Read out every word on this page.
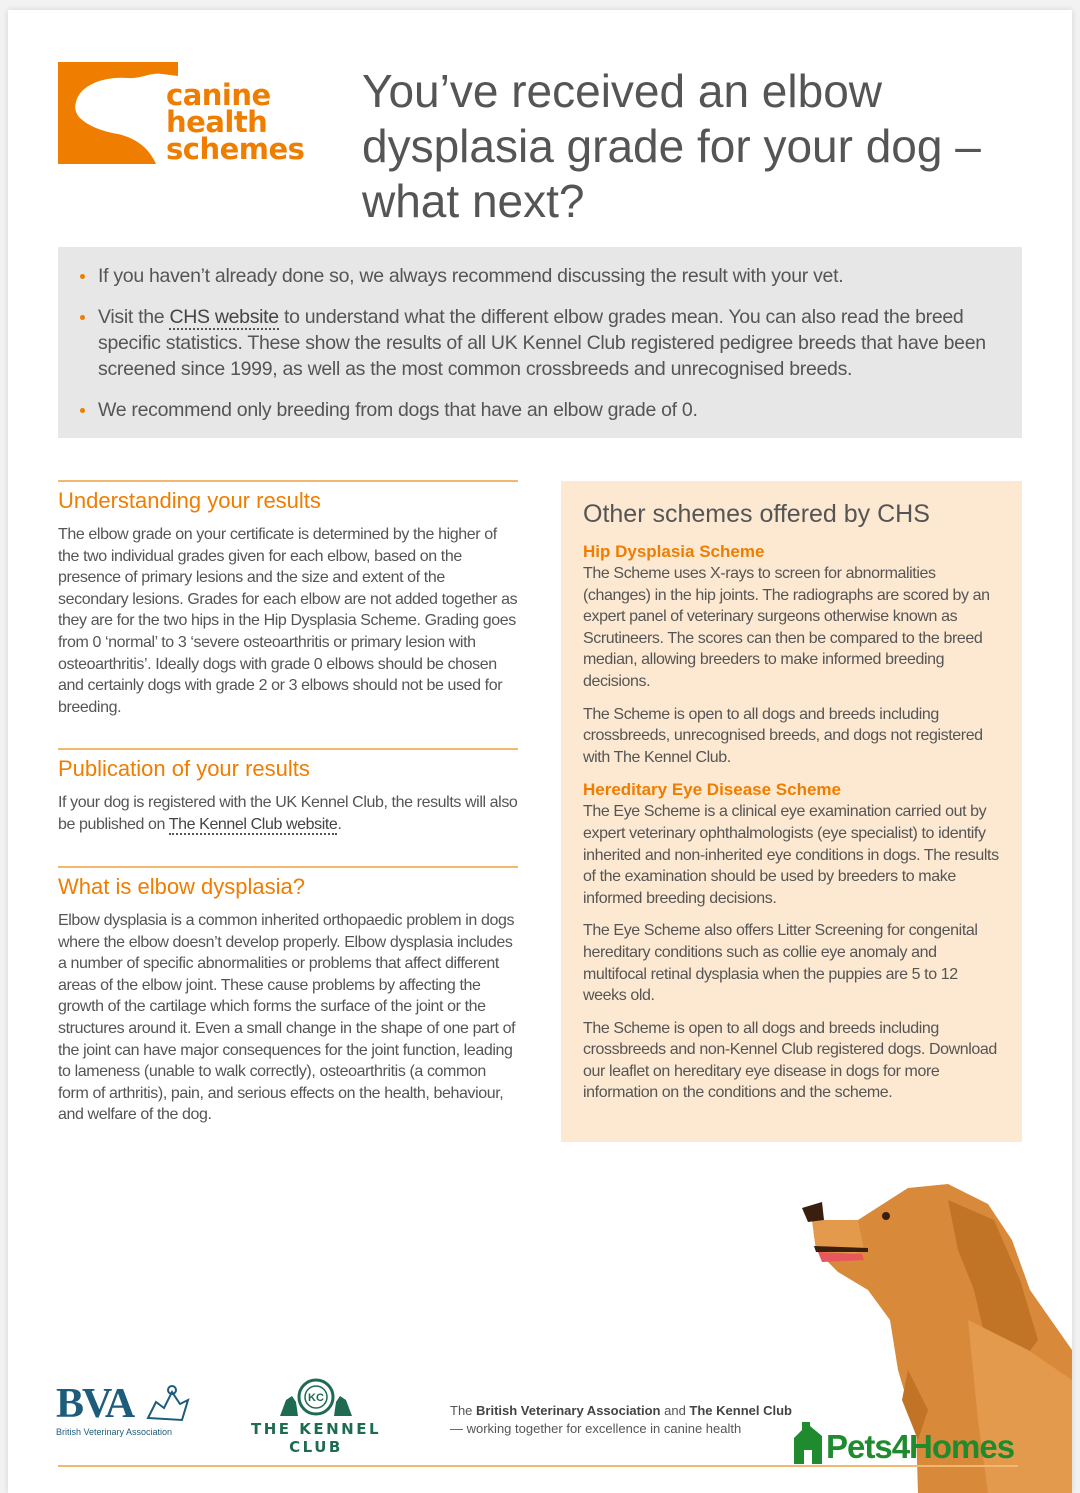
canine
health
schemes
You’ve received an elbow dysplasia grade for your dog – what next?
If you haven’t already done so, we always recommend discussing the result with your vet.
Visit the CHS website to understand what the different elbow grades mean. You can also read the breed specific statistics. These show the results of all UK Kennel Club registered pedigree breeds that have been screened since 1999, as well as the most common crossbreeds and unrecognised breeds.
We recommend only breeding from dogs that have an elbow grade of 0.
Understanding your results

The elbow grade on your certificate is determined by the higher of the two individual grades given for each elbow, based on the presence of primary lesions and the size and extent of the secondary lesions. Grades for each elbow are not added together as they are for the two hips in the Hip Dysplasia Scheme. Grading goes from 0 ‘normal’ to 3 ‘severe osteoarthritis or primary lesion with osteoarthritis’. Ideally dogs with grade 0 elbows should be chosen and certainly dogs with grade 2 or 3 elbows should not be used for breeding.

Publication of your results

If your dog is registered with the UK Kennel Club, the results will also be published on The Kennel Club website.

What is elbow dysplasia?

Elbow dysplasia is a common inherited orthopaedic problem in dogs where the elbow doesn’t develop properly. Elbow dysplasia includes a number of specific abnormalities or problems that affect different areas of the elbow joint. These cause problems by affecting the growth of the cartilage which forms the surface of the joint or the structures around it. Even a small change in the shape of one part of the joint can have major consequences for the joint function, leading to lameness (unable to walk correctly), osteoarthritis (a common form of arthritis), pain, and serious effects on the health, behaviour, and welfare of the dog.

Other schemes offered by CHS
Hip Dysplasia Scheme

The Scheme uses X-rays to screen for abnormalities (changes) in the hip joints. The radiographs are scored by an expert panel of veterinary surgeons otherwise known as Scrutineers. The scores can then be compared to the breed median, allowing breeders to make informed breeding decisions.

The Scheme is open to all dogs and breeds including crossbreeds, unrecognised breeds, and dogs not registered with The Kennel Club.

Hereditary Eye Disease Scheme

The Eye Scheme is a clinical eye examination carried out by expert veterinary ophthalmologists (eye specialist) to identify inherited and non-inherited eye conditions in dogs. The results of the examination should be used by breeders to make informed breeding decisions.

The Eye Scheme also offers Litter Screening for congenital hereditary conditions such as collie eye anomaly and multifocal retinal dysplasia when the puppies are 5 to 12 weeks old.

The Scheme is open to all dogs and breeds including crossbreeds and non-Kennel Club registered dogs. Download our leaflet on hereditary eye disease in dogs for more information on the conditions and the scheme.

BVA
British Veterinary Association
KC
THE KENNEL CLUB
The British Veterinary Association and The Kennel Club
— working together for excellence in canine health	Pets4Homes
